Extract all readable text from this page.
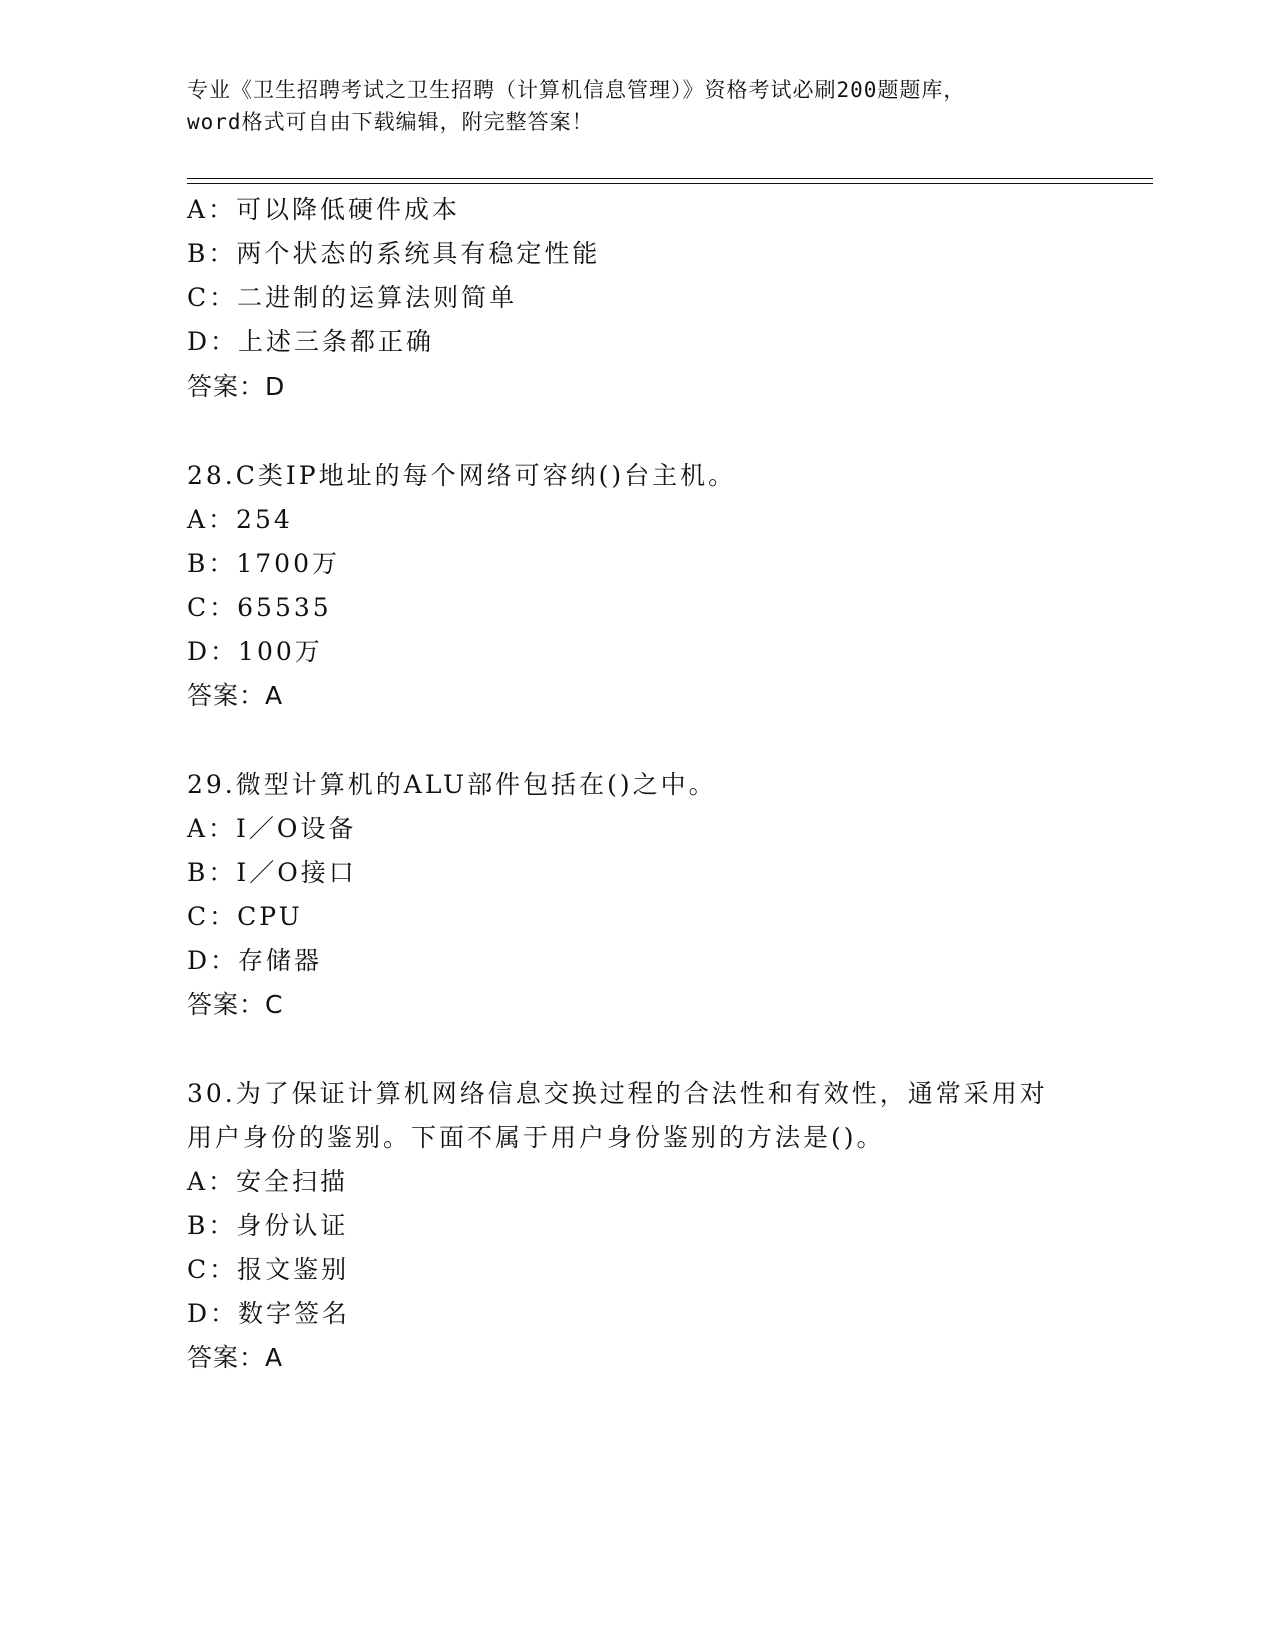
专业《卫生招聘考试之卫生招聘（计算机信息管理）》资格考试必刷200题题库，
word格式可自由下载编辑，附完整答案！
A：可以降低硬件成本
B：两个状态的系统具有稳定性能
C：二进制的运算法则简单
D：上述三条都正确
答案：D
28.C类IP地址的每个网络可容纳()台主机。
A：254
B：1700万
C：65535
D：100万
答案：A
29.微型计算机的ALU部件包括在()之中。
A：I／O设备
B：I／O接口
C：CPU
D：存储器
答案：C
30.为了保证计算机网络信息交换过程的合法性和有效性，通常采用对
用户身份的鉴别。下面不属于用户身份鉴别的方法是()。
A：安全扫描
B：身份认证
C：报文鉴别
D：数字签名
答案：A
